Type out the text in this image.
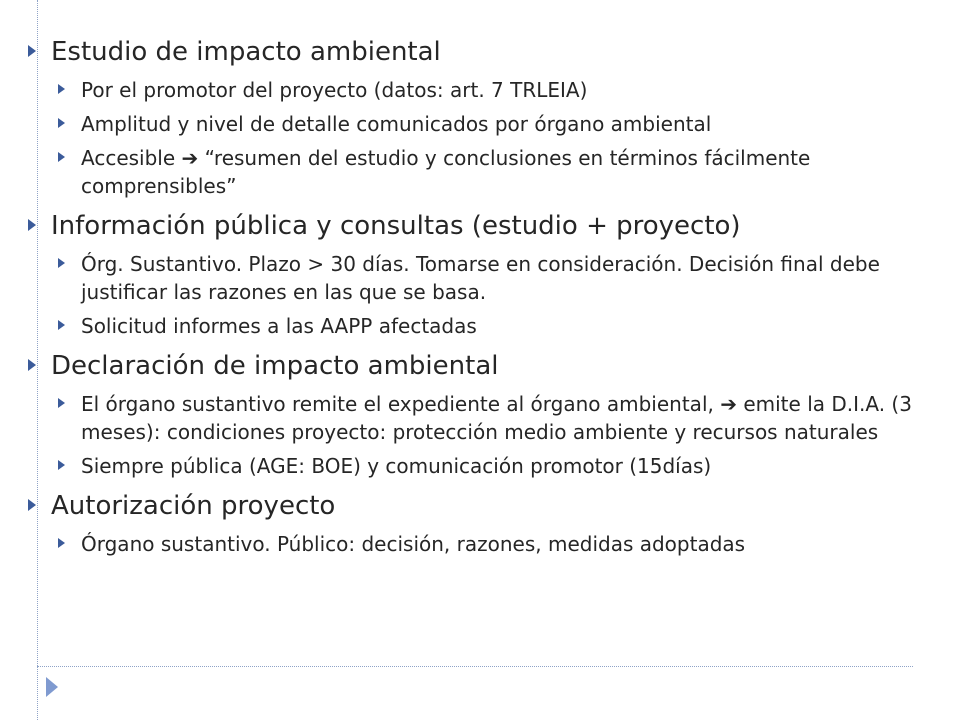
Estudio de impacto ambiental
Por el promotor del proyecto (datos: art. 7 TRLEIA)
Amplitud y nivel de detalle comunicados por órgano ambiental
Accesible ➔ “resumen del estudio y conclusiones en términos fácilmente comprensibles”
Información pública y consultas (estudio + proyecto)
Órg. Sustantivo. Plazo > 30 días. Tomarse en consideración. Decisión final debe justificar las razones en las que se basa.
Solicitud informes a las AAPP afectadas
Declaración de impacto ambiental
El órgano sustantivo remite el expediente al órgano ambiental, ➔ emite la D.I.A. (3 meses): condiciones proyecto: protección medio ambiente y recursos naturales
Siempre pública (AGE: BOE) y comunicación promotor (15días)
Autorización proyecto
Órgano sustantivo. Público: decisión, razones, medidas adoptadas
